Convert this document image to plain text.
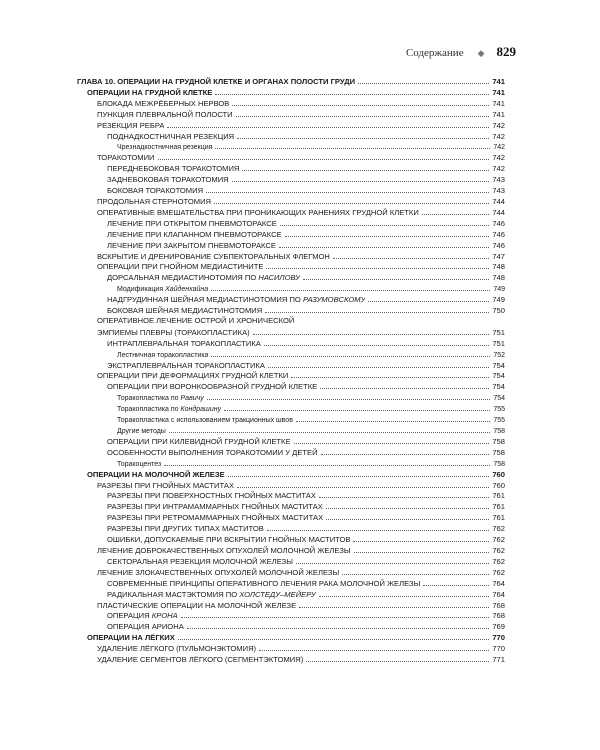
Содержание ◆ 829
ГЛАВА 10. ОПЕРАЦИИ НА ГРУДНОЙ КЛЕТКЕ И ОРГАНАХ ПОЛОСТИ ГРУДИ	741
ОПЕРАЦИИ НА ГРУДНОЙ КЛЕТКЕ	741
БЛОКАДА МЕЖРЁБЕРНЫХ НЕРВОВ	741
ПУНКЦИЯ ПЛЕВРАЛЬНОЙ ПОЛОСТИ	741
РЕЗЕКЦИЯ РЕБРА	742
ПОДНАДКОСТНИЧНАЯ РЕЗЕКЦИЯ	742
Чрезнадкостничная резекция	742
ТОРАКОТОМИИ	742
ПЕРЕДНЕБОКОВАЯ ТОРАКОТОМИЯ	742
ЗАДНЕБОКОВАЯ ТОРАКОТОМИЯ	743
БОКОВАЯ ТОРАКОТОМИЯ	743
ПРОДОЛЬНАЯ СТЕРНОТОМИЯ	744
ОПЕРАТИВНЫЕ ВМЕШАТЕЛЬСТВА ПРИ ПРОНИКАЮЩИХ РАНЕНИЯХ ГРУДНОЙ КЛЕТКИ	744
ЛЕЧЕНИЕ ПРИ ОТКРЫТОМ ПНЕВМОТОРАКСЕ	746
ЛЕЧЕНИЕ ПРИ КЛАПАННОМ ПНЕВМОТОРАКСЕ	746
ЛЕЧЕНИЕ ПРИ ЗАКРЫТОМ ПНЕВМОТОРАКСЕ	746
ВСКРЫТИЕ И ДРЕНИРОВАНИЕ СУБПЕКТОРАЛЬНЫХ ФЛЕГМОН	747
ОПЕРАЦИИ ПРИ ГНОЙНОМ МЕДИАСТИНИТЕ	748
ДОРСАЛЬНАЯ МЕДИАСТИНОТОМИЯ ПО НАСИЛОВУ	748
Модификация Хайденхайна	749
НАДГРУДИННАЯ ШЕЙНАЯ МЕДИАСТИНОТОМИЯ ПО РАЗУМОВСКОМУ	749
БОКОВАЯ ШЕЙНАЯ МЕДИАСТИНОТОМИЯ	750
ОПЕРАТИВНОЕ ЛЕЧЕНИЕ ОСТРОЙ И ХРОНИЧЕСКОЙ
ЭМПИЕМЫ ПЛЕВРЫ (ТОРАКОПЛАСТИКА)	751
ИНТРАПЛЕВРАЛЬНАЯ ТОРАКОПЛАСТИКА	751
Лестничная торакопластика	752
ЭКСТРАПЛЕВРАЛЬНАЯ ТОРАКОПЛАСТИКА	754
ОПЕРАЦИИ ПРИ ДЕФОРМАЦИЯХ ГРУДНОЙ КЛЕТКИ	754
ОПЕРАЦИИ ПРИ ВОРОНКООБРАЗНОЙ ГРУДНОЙ КЛЕТКЕ	754
Торакопластика по Равичу	754
Торакопластика по Кондрашину	755
Торакопластика с использованием тракционных швов	755
Другие методы	758
ОПЕРАЦИИ ПРИ КИЛЕВИДНОЙ ГРУДНОЙ КЛЕТКЕ	758
ОСОБЕННОСТИ ВЫПОЛНЕНИЯ ТОРАКОТОМИИ У ДЕТЕЙ	758
Торакоцентез	758
ОПЕРАЦИИ НА МОЛОЧНОЙ ЖЕЛЕЗЕ	760
РАЗРЕЗЫ ПРИ ГНОЙНЫХ МАСТИТАХ	760
РАЗРЕЗЫ ПРИ ПОВЕРХНОСТНЫХ ГНОЙНЫХ МАСТИТАХ	761
РАЗРЕЗЫ ПРИ ИНТРАМАММАРНЫХ ГНОЙНЫХ МАСТИТАХ	761
РАЗРЕЗЫ ПРИ РЕТРОМАММАРНЫХ ГНОЙНЫХ МАСТИТАХ	761
РАЗРЕЗЫ ПРИ ДРУГИХ ТИПАХ МАСТИТОВ	762
ОШИБКИ, ДОПУСКАЕМЫЕ ПРИ ВСКРЫТИИ ГНОЙНЫХ МАСТИТОВ	762
ЛЕЧЕНИЕ ДОБРОКАЧЕСТВЕННЫХ ОПУХОЛЕЙ МОЛОЧНОЙ ЖЕЛЕЗЫ	762
СЕКТОРАЛЬНАЯ РЕЗЕКЦИЯ МОЛОЧНОЙ ЖЕЛЕЗЫ	762
ЛЕЧЕНИЕ ЗЛОКАЧЕСТВЕННЫХ ОПУХОЛЕЙ МОЛОЧНОЙ ЖЕЛЕЗЫ	762
СОВРЕМЕННЫЕ ПРИНЦИПЫ ОПЕРАТИВНОГО ЛЕЧЕНИЯ РАКА МОЛОЧНОЙ ЖЕЛЕЗЫ	764
РАДИКАЛЬНАЯ МАСТЭКТОМИЯ ПО ХОЛСТЕДУ–МЕЙЕРУ	764
ПЛАСТИЧЕСКИЕ ОПЕРАЦИИ НА МОЛОЧНОЙ ЖЕЛЕЗЕ	768
ОПЕРАЦИЯ КРОНА	768
ОПЕРАЦИЯ АРИОНА	769
ОПЕРАЦИИ НА ЛЁГКИХ	770
УДАЛЕНИЕ ЛЁГКОГО (ПУЛЬМОНЭКТОМИЯ)	770
УДАЛЕНИЕ СЕГМЕНТОВ ЛЁГКОГО (СЕГМЕНТЭКТОМИЯ)	771
